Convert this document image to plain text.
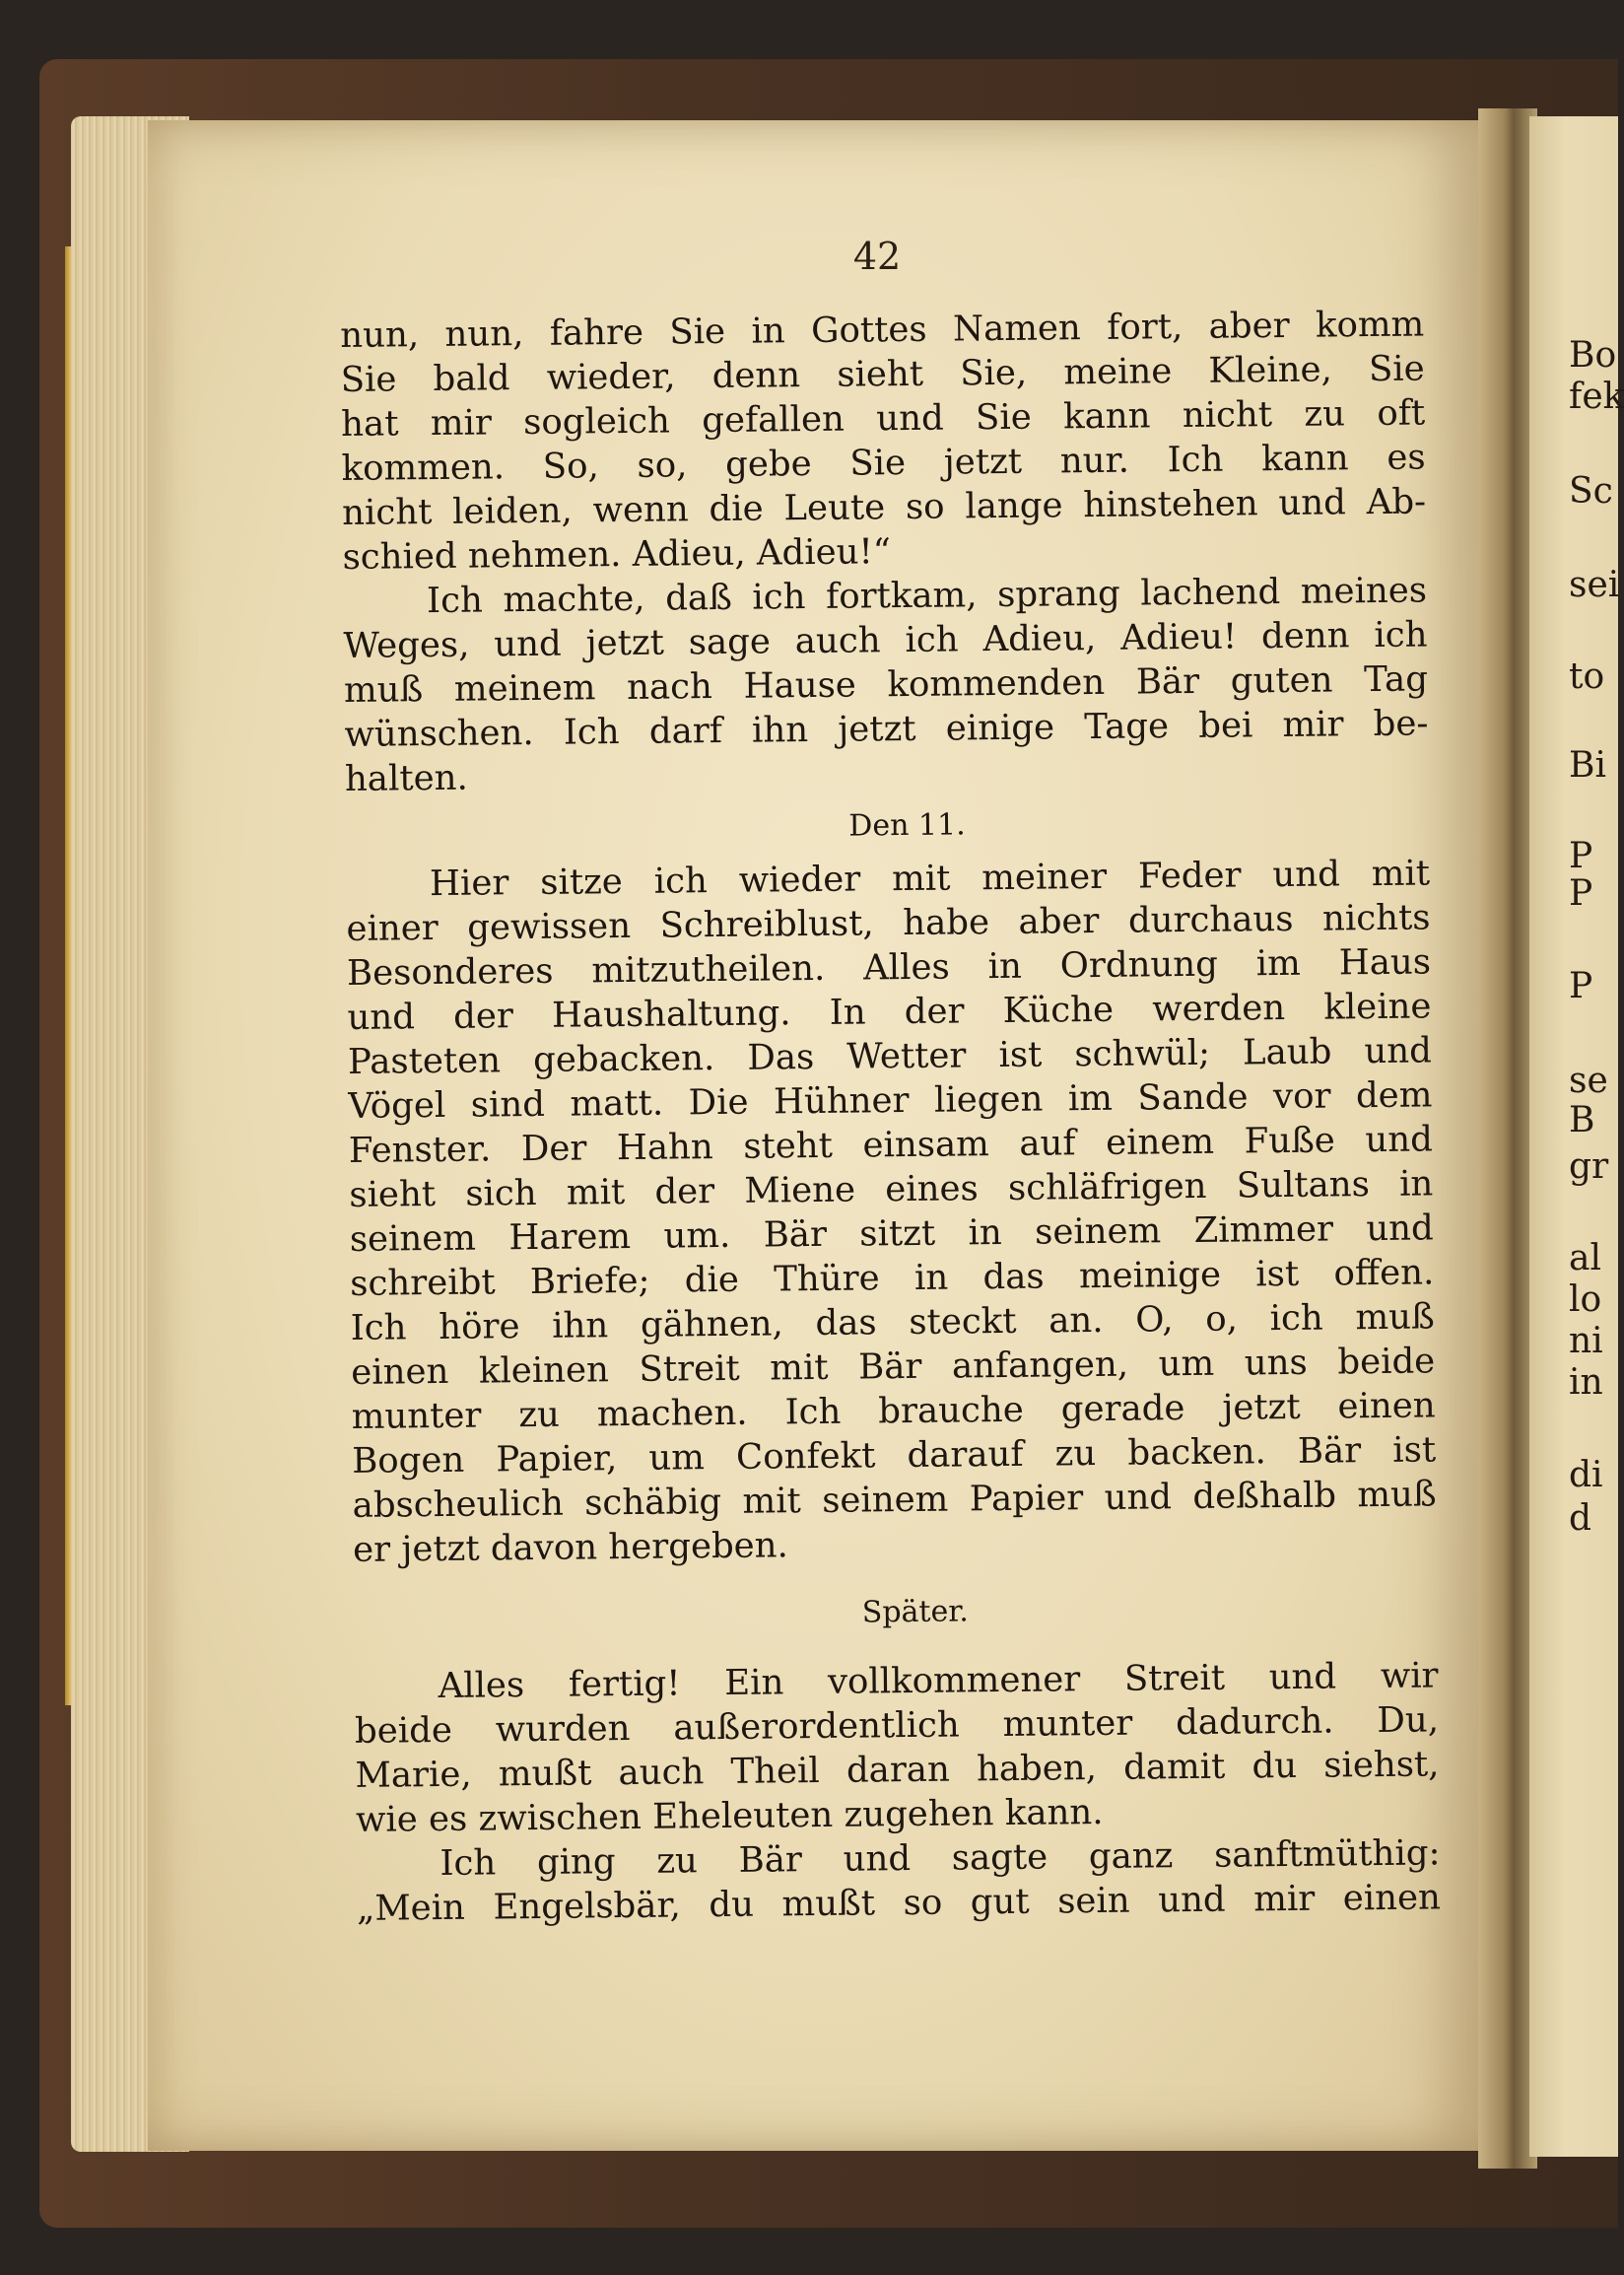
Bo
fek
Sc
sei
to
Bi
P
P
P
se
B
gr
al
lo
ni
in
di
d
42
nun, nun, fahre Sie in Gottes Namen fort, aber komm
Sie bald wieder, denn sieht Sie, meine Kleine, Sie
hat mir sogleich gefallen und Sie kann nicht zu oft
kommen. So, so, gebe Sie jetzt nur. Ich kann es
nicht leiden, wenn die Leute so lange hinstehen und Ab-
schied nehmen. Adieu, Adieu!“
Ich machte, daß ich fortkam, sprang lachend meines
Weges, und jetzt sage auch ich Adieu, Adieu! denn ich
muß meinem nach Hause kommenden Bär guten Tag
wünschen. Ich darf ihn jetzt einige Tage bei mir be-
halten.
Den 11.
Hier sitze ich wieder mit meiner Feder und mit
einer gewissen Schreiblust, habe aber durchaus nichts
Besonderes mitzutheilen. Alles in Ordnung im Haus
und der Haushaltung. In der Küche werden kleine
Pasteten gebacken. Das Wetter ist schwül; Laub und
Vögel sind matt. Die Hühner liegen im Sande vor dem
Fenster. Der Hahn steht einsam auf einem Fuße und
sieht sich mit der Miene eines schläfrigen Sultans in
seinem Harem um. Bär sitzt in seinem Zimmer und
schreibt Briefe; die Thüre in das meinige ist offen.
Ich höre ihn gähnen, das steckt an. O, o, ich muß
einen kleinen Streit mit Bär anfangen, um uns beide
munter zu machen. Ich brauche gerade jetzt einen
Bogen Papier, um Confekt darauf zu backen. Bär ist
abscheulich schäbig mit seinem Papier und deßhalb muß
er jetzt davon hergeben.
Später.
Alles fertig! Ein vollkommener Streit und wir
beide wurden außerordentlich munter dadurch. Du,
Marie, mußt auch Theil daran haben, damit du siehst,
wie es zwischen Eheleuten zugehen kann.
Ich ging zu Bär und sagte ganz sanftmüthig:
„Mein Engelsbär, du mußt so gut sein und mir einen
